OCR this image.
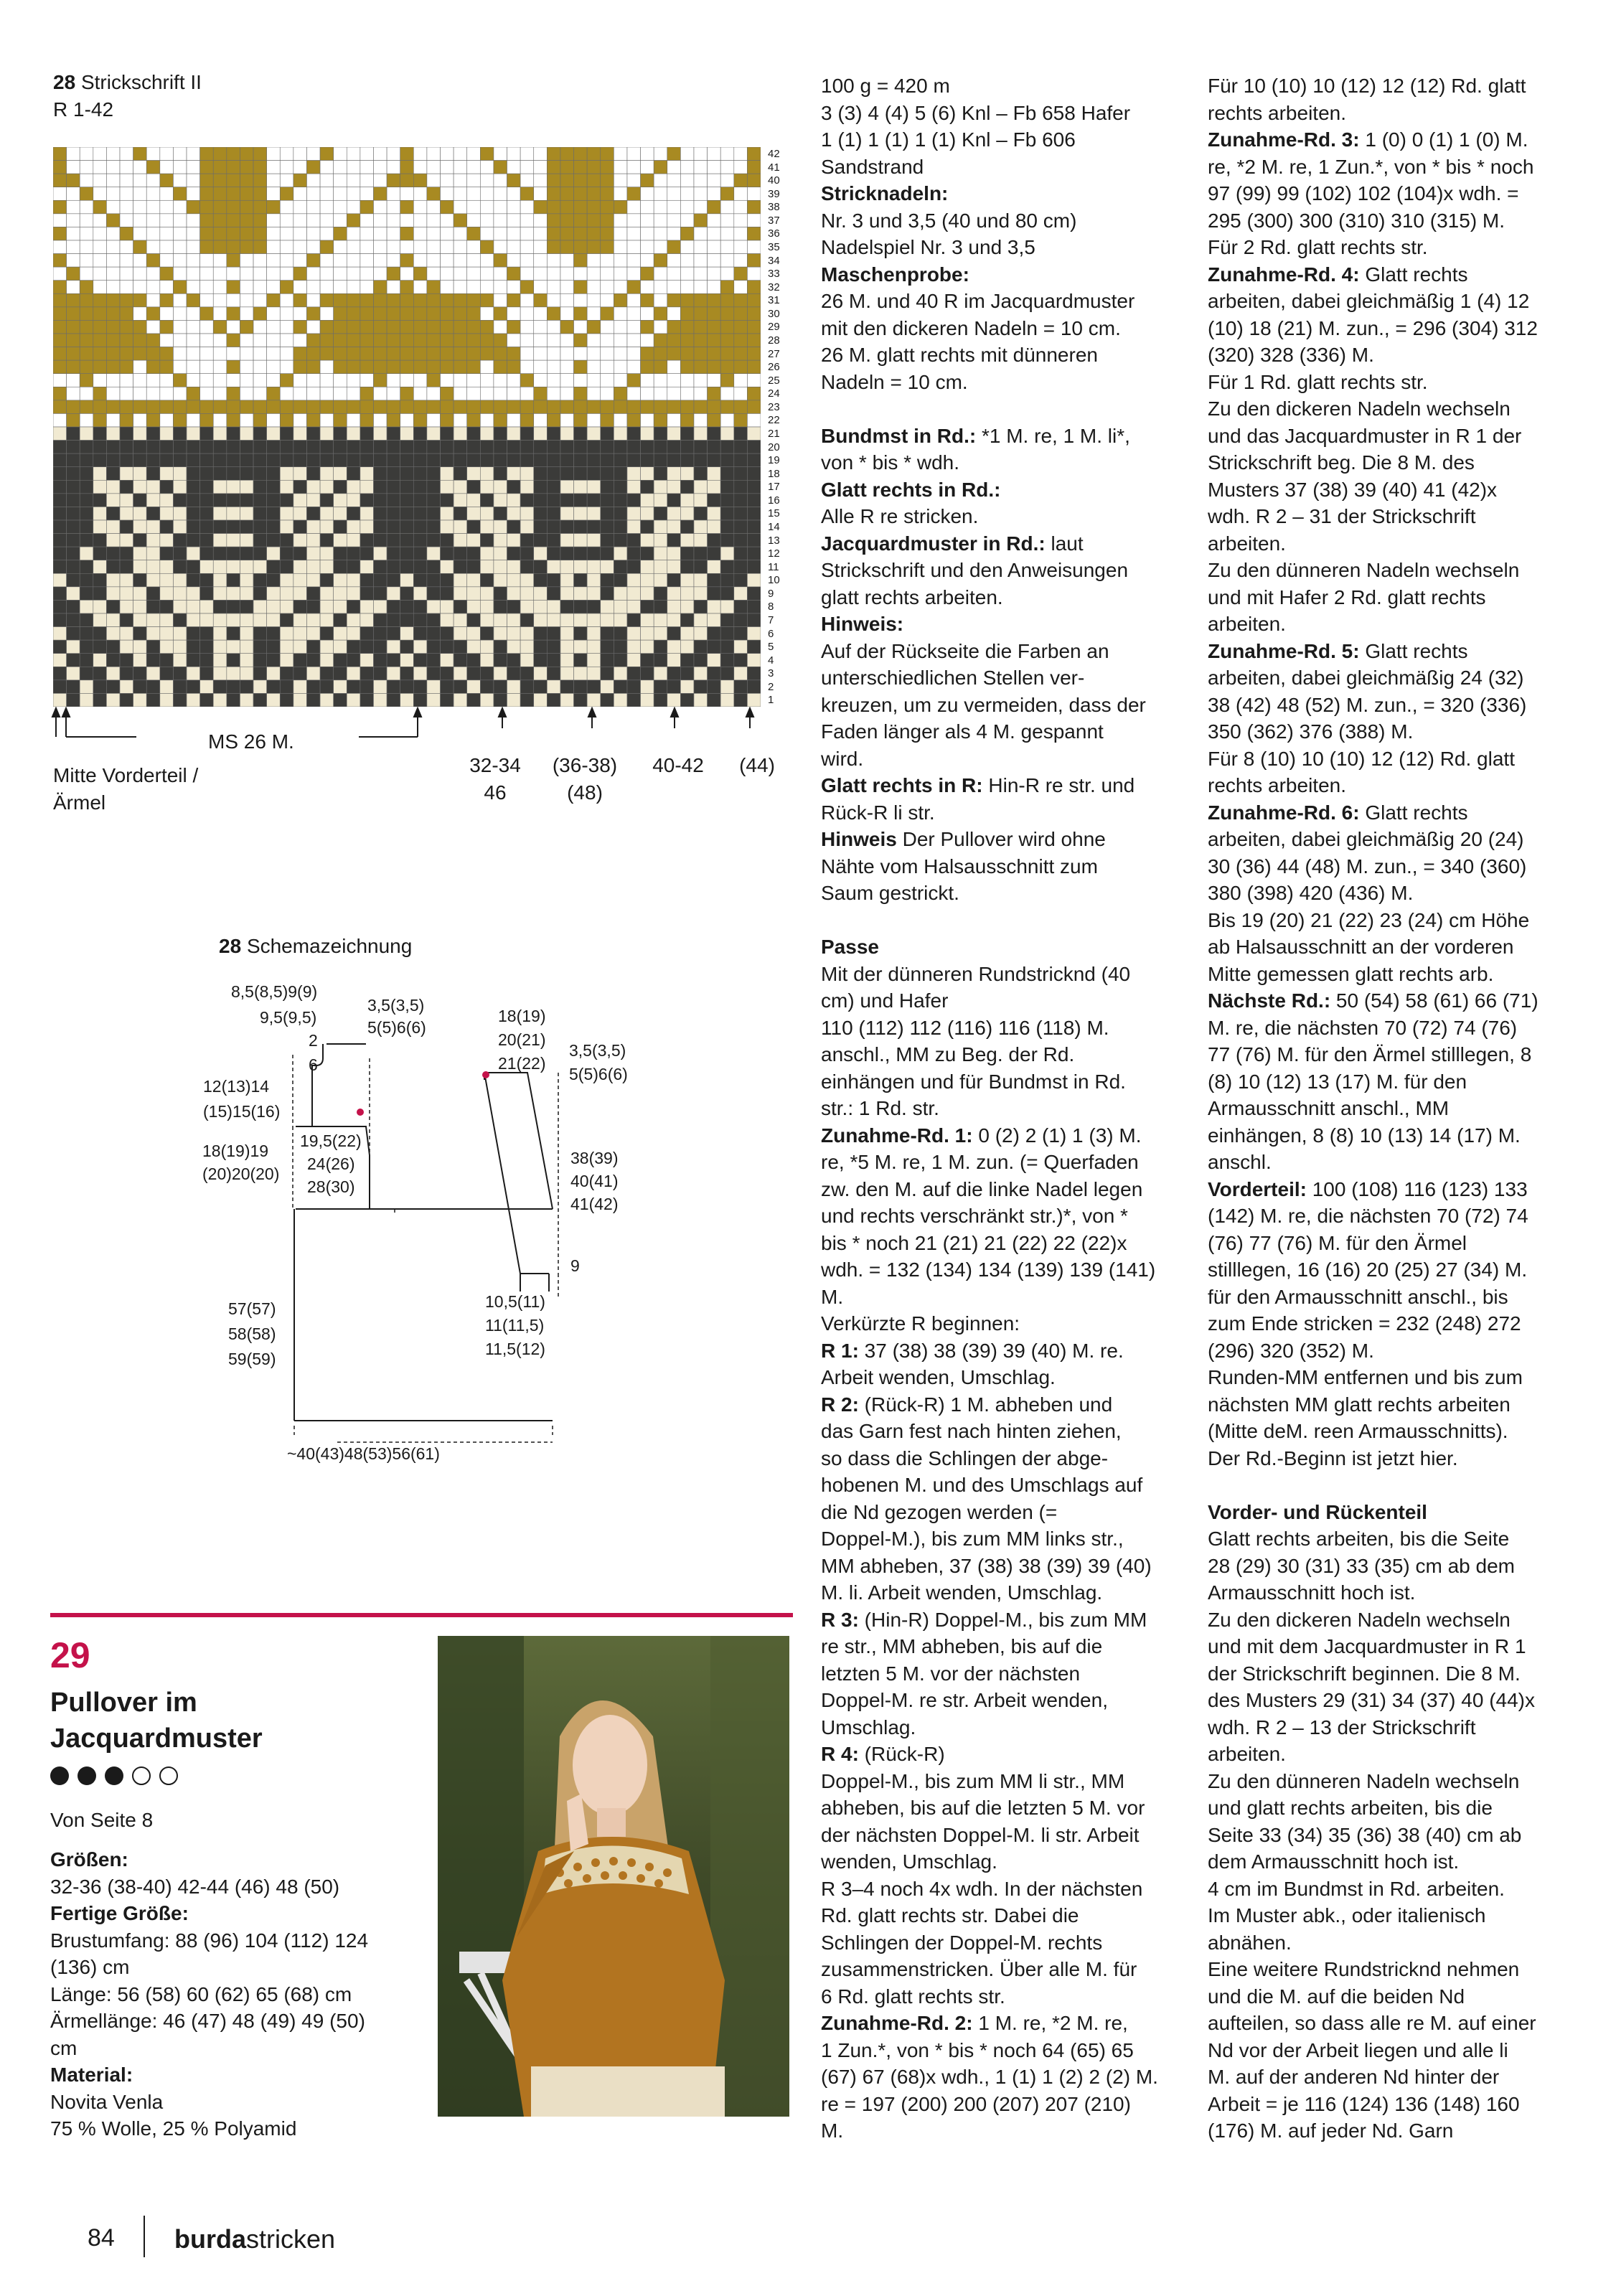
28 Strickschrift II
R 1-42
42
41
40
39
38
37
36
35
34
33
32
31
30
29
28
27
26
25
24
23
22
21
20
19
18
17
16
15
14
13
12
11
10
9
8
7
6
5
4
3
2
1
MS 26 M.
Mitte Vorderteil /
Ärmel
32-34
46
(36-38)
(48)
40-42	(44)
28 Schemazeichnung
8,5(8,5)9(9)
9,5(9,5)
2
6
12(13)14
(15)15(16)
3,5(3,5)
5(5)6(6)
19,5(22)
24(26)
28(30)
18(19)19
(20)20(20)
57(57)
58(58)
59(59)
~40(43)48(53)56(61)
18(19)
20(21)
21(22)
3,5(3,5)
5(5)6(6)
38(39)
40(41)
41(42)
9
10,5(11)
11(11,5)
11,5(12)
29
Pullover im
Jacquardmuster
Von Seite 8
Größen:
32-36 (38-40) 42-44 (46) 48 (50)
Fertige Größe:
Brustumfang: 88 (96) 104 (112) 124
(136) cm
Länge: 56 (58) 60 (62) 65 (68) cm
Ärmellänge: 46 (47) 48 (49) 49 (50)
cm
Material:
Novita Venla
75 % Wolle, 25 % Polyamid
100 g = 420 m
3 (3) 4 (4) 5 (6) Knl – Fb 658 Hafer
1 (1) 1 (1) 1 (1) Knl – Fb 606
Sandstrand
Stricknadeln:
Nr. 3 und 3,5 (40 und 80 cm)
Nadelspiel Nr. 3 und 3,5
Maschenprobe:
26 M. und 40 R im Jacquardmuster
mit den dickeren Nadeln = 10 cm.
26 M. glatt rechts mit dünneren
Nadeln = 10 cm.

Bundmst in Rd.: *1 M. re, 1 M. li*,
von * bis * wdh.
Glatt rechts in Rd.:
Alle R re stricken.
Jacquardmuster in Rd.: laut
Strickschrift und den Anweisungen
glatt rechts arbeiten.
Hinweis:
Auf der Rückseite die Farben an
unterschiedlichen Stellen ver-
kreuzen, um zu vermeiden, dass der
Faden länger als 4 M. gespannt
wird.
Glatt rechts in R: Hin-R re str. und
Rück-R li str.
Hinweis Der Pullover wird ohne
Nähte vom Halsausschnitt zum
Saum gestrickt.

Passe
Mit der dünneren Rundstricknd (40
cm) und Hafer
110 (112) 112 (116) 116 (118) M.
anschl., MM zu Beg. der Rd.
einhängen und für Bundmst in Rd.
str.: 1 Rd. str.
Zunahme-Rd. 1: 0 (2) 2 (1) 1 (3) M.
re, *5 M. re, 1 M. zun. (= Querfaden
zw. den M. auf die linke Nadel legen
und rechts verschränkt str.)*, von *
bis * noch 21 (21) 21 (22) 22 (22)x
wdh. = 132 (134) 134 (139) 139 (141)
M.
Verkürzte R beginnen:
R 1: 37 (38) 38 (39) 39 (40) M. re.
Arbeit wenden, Umschlag.
R 2: (Rück-R) 1 M. abheben und
das Garn fest nach hinten ziehen,
so dass die Schlingen der abge-
hobenen M. und des Umschlags auf
die Nd gezogen werden (=
Doppel-M.), bis zum MM links str.,
MM abheben, 37 (38) 38 (39) 39 (40)
M. li. Arbeit wenden, Umschlag.
R 3: (Hin-R) Doppel-M., bis zum MM
re str., MM abheben, bis auf die
letzten 5 M. vor der nächsten
Doppel-M. re str. Arbeit wenden,
Umschlag.
R 4: (Rück-R)
Doppel-M., bis zum MM li str., MM
abheben, bis auf die letzten 5 M. vor
der nächsten Doppel-M. li str. Arbeit
wenden, Umschlag.
R 3–4 noch 4x wdh. In der nächsten
Rd. glatt rechts str. Dabei die
Schlingen der Doppel-M. rechts
zusammenstricken. Über alle M. für
6 Rd. glatt rechts str.
Zunahme-Rd. 2: 1 M. re, *2 M. re,
1 Zun.*, von * bis * noch 64 (65) 65
(67) 67 (68)x wdh., 1 (1) 1 (2) 2 (2) M.
re = 197 (200) 200 (207) 207 (210)
M.
Für 10 (10) 10 (12) 12 (12) Rd. glatt
rechts arbeiten.
Zunahme-Rd. 3: 1 (0) 0 (1) 1 (0) M.
re, *2 M. re, 1 Zun.*, von * bis * noch
97 (99) 99 (102) 102 (104)x wdh. =
295 (300) 300 (310) 310 (315) M.
Für 2 Rd. glatt rechts str.
Zunahme-Rd. 4: Glatt rechts
arbeiten, dabei gleichmäßig 1 (4) 12
(10) 18 (21) M. zun., = 296 (304) 312
(320) 328 (336) M.
Für 1 Rd. glatt rechts str.
Zu den dickeren Nadeln wechseln
und das Jacquardmuster in R 1 der
Strickschrift beg. Die 8 M. des
Musters 37 (38) 39 (40) 41 (42)x
wdh. R 2 – 31 der Strickschrift
arbeiten.
Zu den dünneren Nadeln wechseln
und mit Hafer 2 Rd. glatt rechts
arbeiten.
Zunahme-Rd. 5: Glatt rechts
arbeiten, dabei gleichmäßig 24 (32)
38 (42) 48 (52) M. zun., = 320 (336)
350 (362) 376 (388) M.
Für 8 (10) 10 (10) 12 (12) Rd. glatt
rechts arbeiten.
Zunahme-Rd. 6: Glatt rechts
arbeiten, dabei gleichmäßig 20 (24)
30 (36) 44 (48) M. zun., = 340 (360)
380 (398) 420 (436) M.
Bis 19 (20) 21 (22) 23 (24) cm Höhe
ab Halsausschnitt an der vorderen
Mitte gemessen glatt rechts arb.
Nächste Rd.: 50 (54) 58 (61) 66 (71)
M. re, die nächsten 70 (72) 74 (76)
77 (76) M. für den Ärmel stilllegen, 8
(8) 10 (12) 13 (17) M. für den
Armausschnitt anschl., MM
einhängen, 8 (8) 10 (13) 14 (17) M.
anschl.
Vorderteil: 100 (108) 116 (123) 133
(142) M. re, die nächsten 70 (72) 74
(76) 77 (76) M. für den Ärmel
stilllegen, 16 (16) 20 (25) 27 (34) M.
für den Armausschnitt anschl., bis
zum Ende stricken = 232 (248) 272
(296) 320 (352) M.
Runden-MM entfernen und bis zum
nächsten MM glatt rechts arbeiten
(Mitte deM. reen Armausschnitts).
Der Rd.-Beginn ist jetzt hier.

Vorder- und Rückenteil
Glatt rechts arbeiten, bis die Seite
28 (29) 30 (31) 33 (35) cm ab dem
Armausschnitt hoch ist.
Zu den dickeren Nadeln wechseln
und mit dem Jacquardmuster in R 1
der Strickschrift beginnen. Die 8 M.
des Musters 29 (31) 34 (37) 40 (44)x
wdh. R 2 – 13 der Strickschrift
arbeiten.
Zu den dünneren Nadeln wechseln
und glatt rechts arbeiten, bis die
Seite 33 (34) 35 (36) 38 (40) cm ab
dem Armausschnitt hoch ist.
4 cm im Bundmst in Rd. arbeiten.
Im Muster abk., oder italienisch
abnähen.
Eine weitere Rundstricknd nehmen
und die M. auf die beiden Nd
aufteilen, so dass alle re M. auf einer
Nd vor der Arbeit liegen und alle li
M. auf der anderen Nd hinter der
Arbeit = je 116 (124) 136 (148) 160
(176) M. auf jeder Nd. Garn
84 burdastricken
